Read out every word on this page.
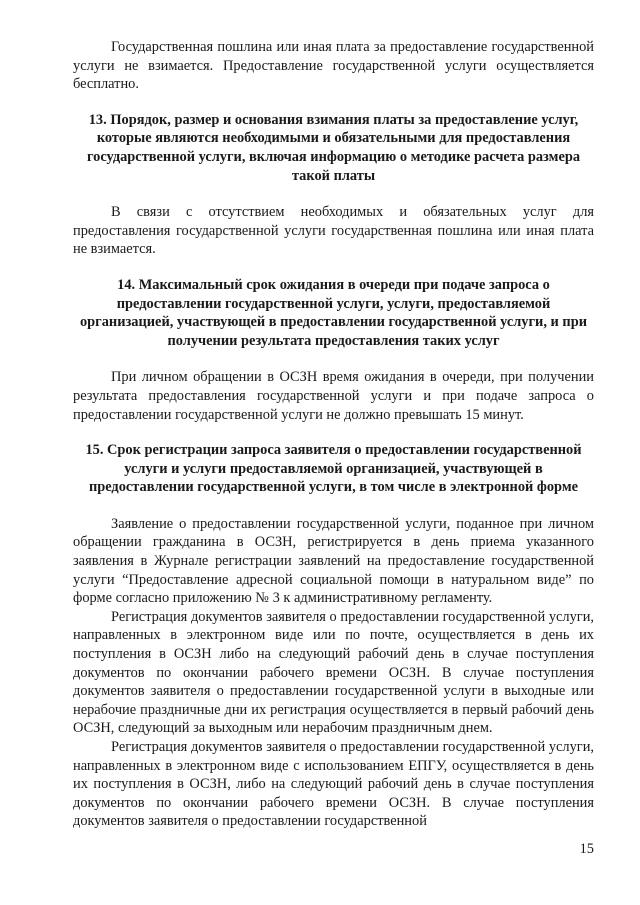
Государственная пошлина или иная плата за предоставление государственной услуги не взимается. Предоставление государственной услуги осуществляется бесплатно.

13. Порядок, размер и основания взимания платы за предоставление услуг, которые являются необходимыми и обязательными для предоставления государственной услуги, включая информацию о методике расчета размера такой платы

В связи с отсутствием необходимых и обязательных услуг для предоставления государственной услуги государственная пошлина или иная плата не взимается.

14. Максимальный срок ожидания в очереди при подаче запроса о предоставлении государственной услуги, услуги, предоставляемой организацией, участвующей в предоставлении государственной услуги, и при получении результата предоставления таких услуг

При личном обращении в ОСЗН время ожидания в очереди, при получении результата предоставления государственной услуги и при подаче запроса о предоставлении государственной услуги не должно превышать 15 минут.

15. Срок регистрации запроса заявителя о предоставлении государственной услуги и услуги предоставляемой организацией, участвующей в предоставлении государственной услуги, в том числе в электронной форме

Заявление о предоставлении государственной услуги, поданное при личном обращении гражданина в ОСЗН, регистрируется в день приема указанного заявления в Журнале регистрации заявлений на предоставление государственной услуги “Предоставление адресной социальной помощи в натуральном виде” по форме согласно приложению № 3 к административному регламенту.

Регистрация документов заявителя о предоставлении государственной услуги, направленных в электронном виде или по почте, осуществляется в день их поступления в ОСЗН либо на следующий рабочий день в случае поступления документов по окончании рабочего времени ОСЗН. В случае поступления документов заявителя о предоставлении государственной услуги в выходные или нерабочие праздничные дни их регистрация осуществляется в первый рабочий день ОСЗН, следующий за выходным или нерабочим праздничным днем.

Регистрация документов заявителя о предоставлении государственной услуги, направленных в электронном виде с использованием ЕПГУ, осуществляется в день их поступления в ОСЗН, либо на следующий рабочий день в случае поступления документов по окончании рабочего времени ОСЗН. В случае поступления документов заявителя о предоставлении государственной

15
